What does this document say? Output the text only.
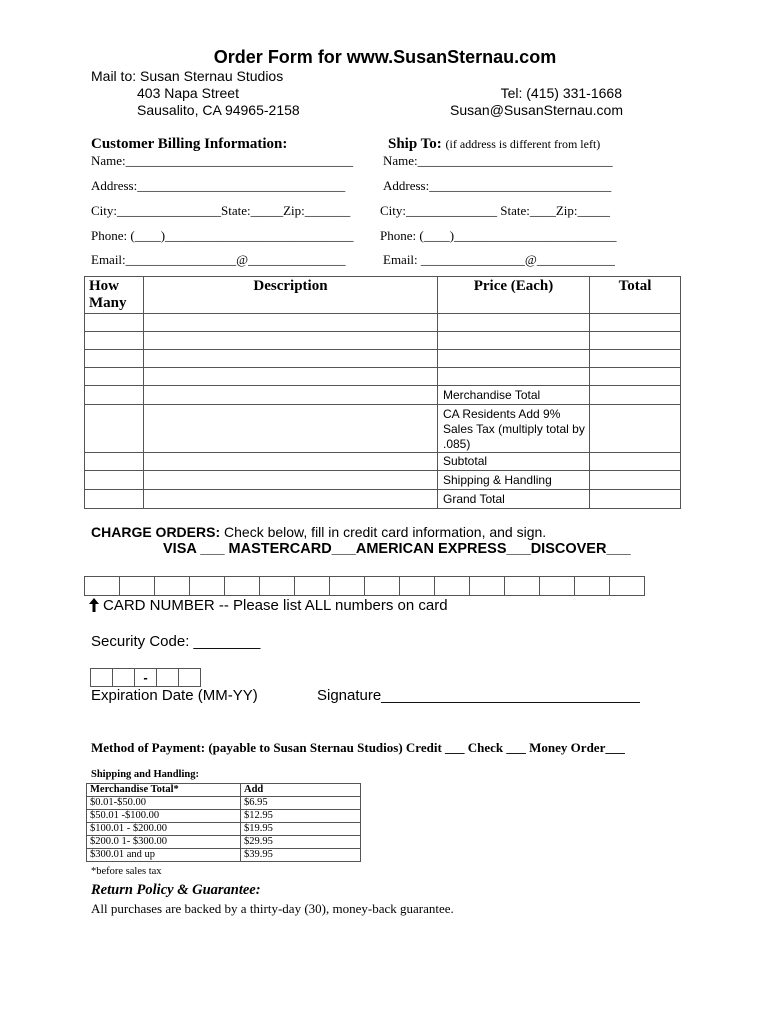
Order Form for www.SusanSternau.com
Mail to: Susan Sternau Studios
403 Napa Street
Sausalito, CA 94965-2158
Tel: (415) 331-1668
Susan@SusanSternau.com
Customer Billing Information:	Ship To: (if address is different from left)
Name:___________________________________
Address:________________________________
City:________________State:_____Zip:_______
Phone: (____)_____________________________
Email:_________________@_______________
Name:______________________________
Address:____________________________
City:______________ State:____Zip:_____
Phone: (____)_________________________
Email: ________________@____________
How Many	Description	Price (Each)	Total

		Merchandise Total	
		CA Residents Add 9% Sales Tax (multiply total by .085)	
		Subtotal	
		Shipping & Handling	
		Grand Total	
CHARGE ORDERS: Check below, fill in credit card information, and sign.
VISA ___ MASTERCARD___AMERICAN EXPRESS___DISCOVER___

CARD NUMBER -- Please list ALL numbers on card
Security Code: ________
		-		
Expiration Date (MM-YY)	Signature_______________________________
Method of Payment: (payable to Susan Sternau Studios) Credit ___ Check ___ Money Order___
Shipping and Handling:
Merchandise Total*	Add
$0.01-$50.00	$6.95
$50.01 -$100.00	$12.95
$100.01 - $200.00	$19.95
$200.0 1- $300.00	$29.95
$300.01 and up	$39.95
*before sales tax
Return Policy & Guarantee:
All purchases are backed by a thirty-day (30), money-back guarantee.
